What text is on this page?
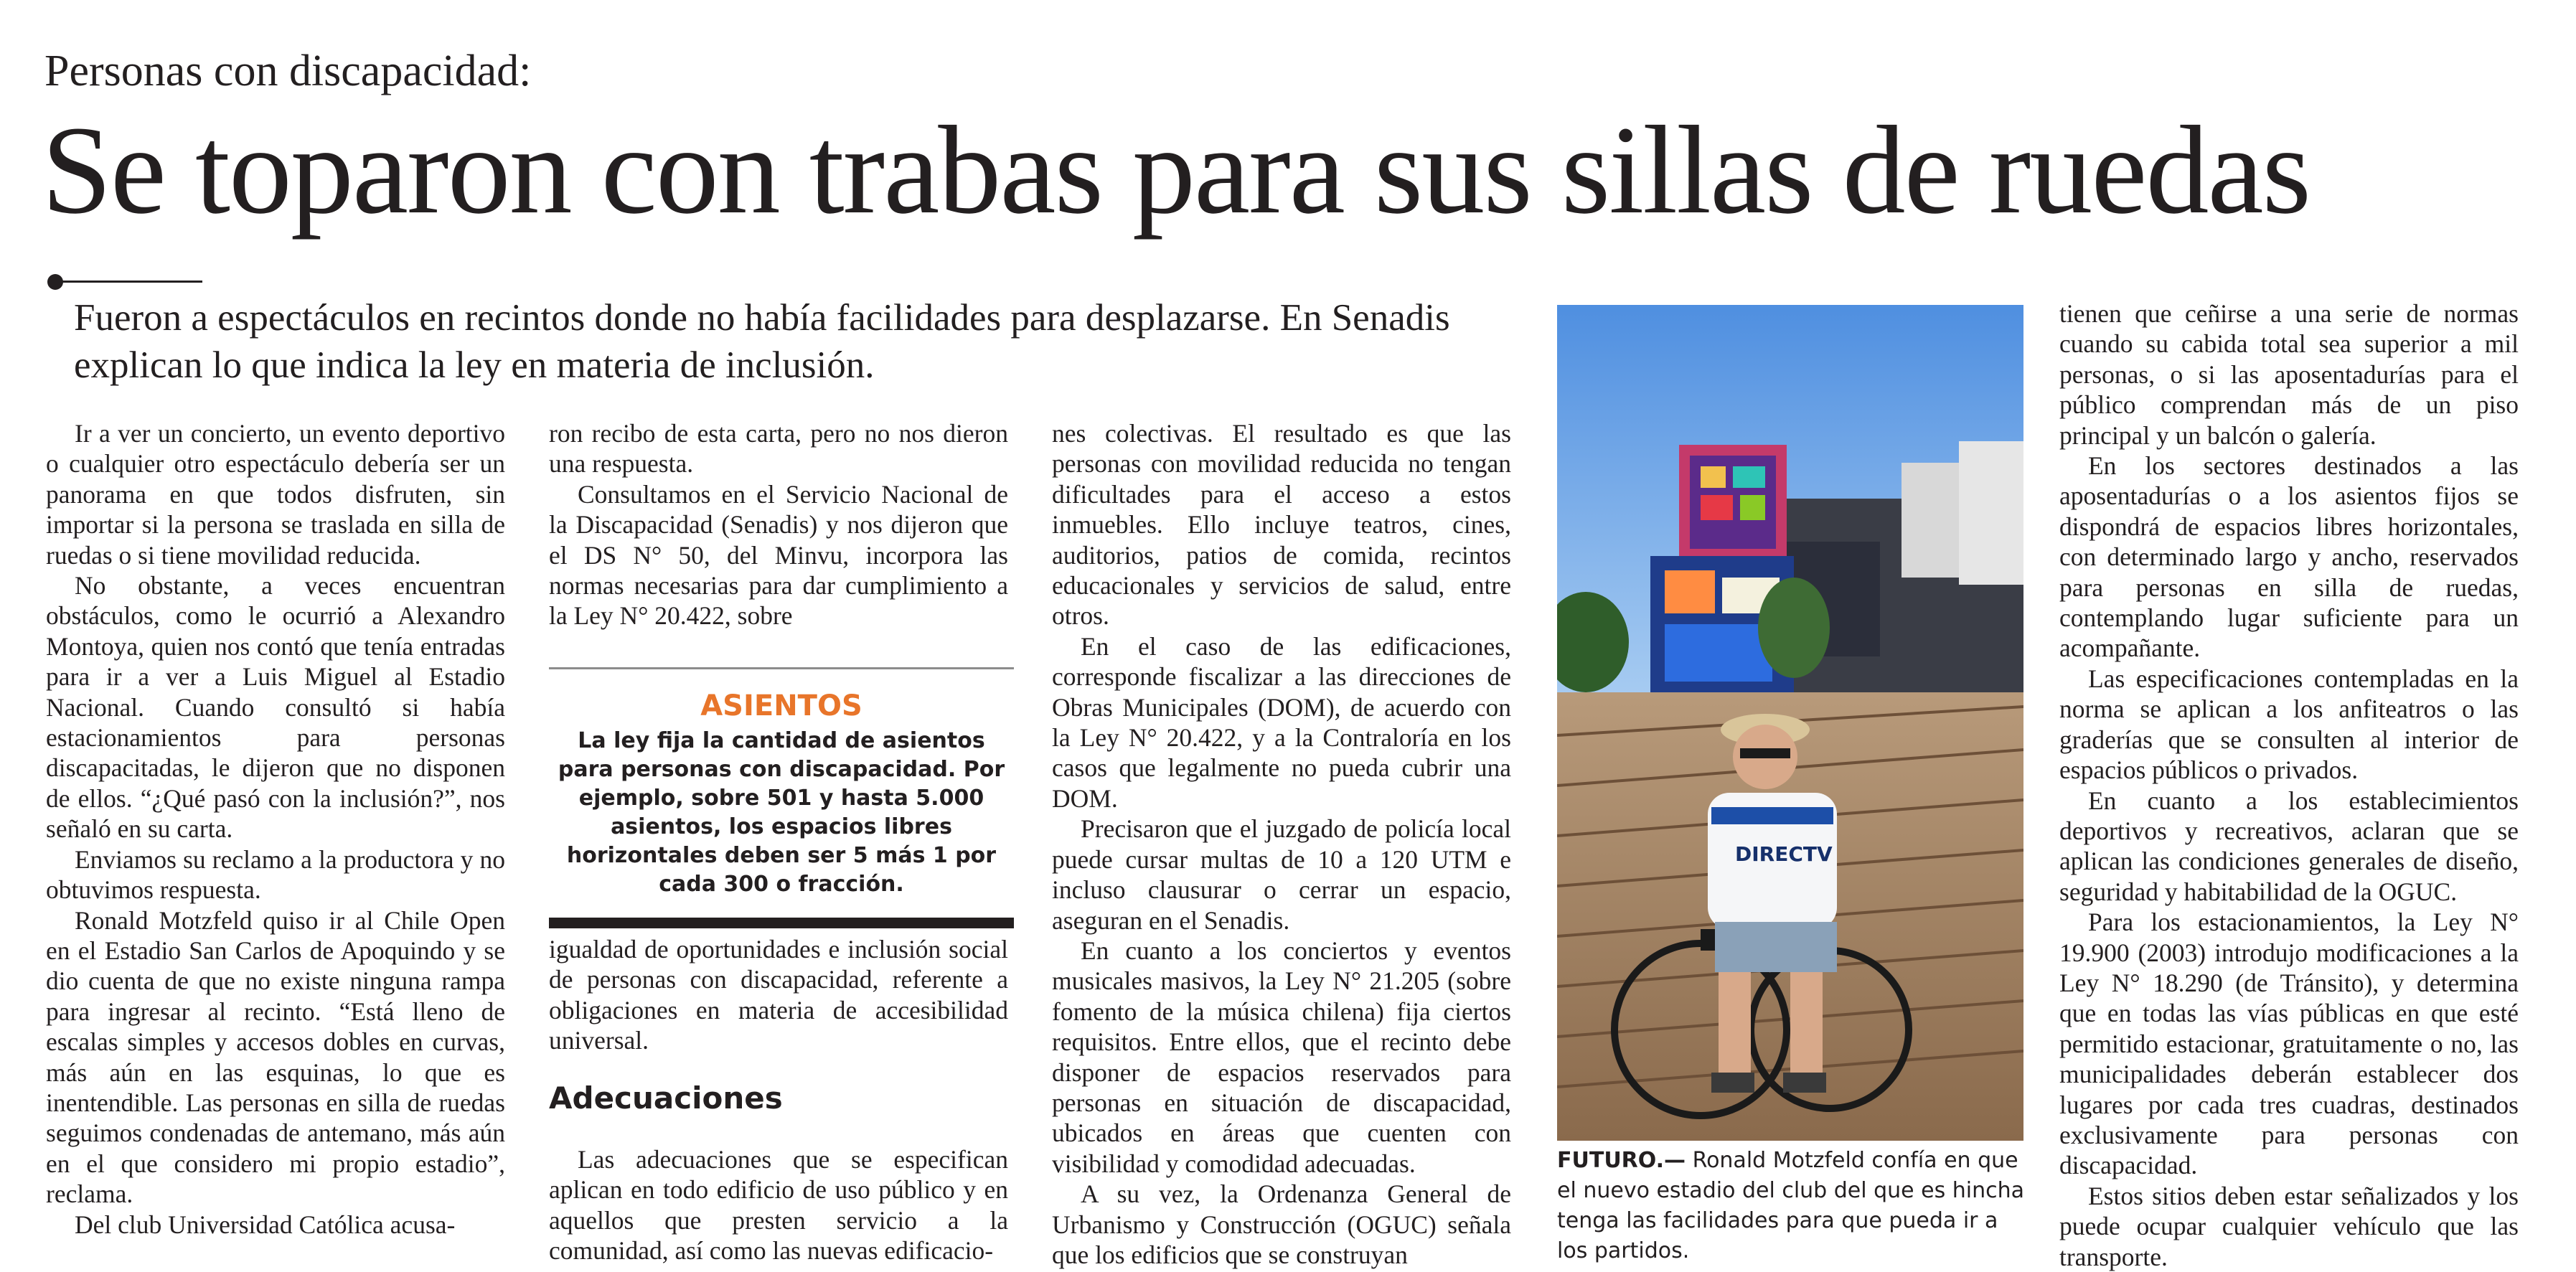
Personas con discapacidad:
Se toparon con trabas para sus sillas de ruedas
Fueron a espectáculos en recintos donde no había facilidades para desplazarse. En Senadis explican lo que indica la ley en materia de inclusión.

Ir a ver un concierto, un evento deportivo o cualquier otro espectáculo debería ser un panorama en que todos disfruten, sin importar si la persona se traslada en silla de ruedas o si tiene movilidad reducida.

No obstante, a veces encuentran obstáculos, como le ocurrió a Alexandro Montoya, quien nos contó que tenía entradas para ir a ver a Luis Miguel al Estadio Nacional. Cuando consultó si había estacionamientos para personas discapacitadas, le dijeron que no disponen de ellos. “¿Qué pasó con la inclusión?”, nos señaló en su carta.

Enviamos su reclamo a la productora y no obtuvimos respuesta.

Ronald Motzfeld quiso ir al Chile Open en el Estadio San Carlos de Apoquindo y se dio cuenta de que no existe ninguna rampa para ingresar al recinto. “Está lleno de escalas simples y accesos dobles en curvas, más aún en las esquinas, lo que es inentendible. Las personas en silla de ruedas seguimos condenadas de antemano, más aún en el que considero mi propio estadio”, reclama.

Del club Universidad Católica acusa-

ron recibo de esta carta, pero no nos dieron una respuesta.

Consultamos en el Servicio Nacional de la Discapacidad (Senadis) y nos dijeron que el DS N° 50, del Minvu, incorpora las normas necesarias para dar cumplimiento a la Ley N° 20.422, sobre

ASIENTOS
La ley fija la cantidad de asientos para personas con discapacidad. Por ejemplo, sobre 501 y hasta 5.000 asientos, los espacios libres horizontales deben ser 5 más 1 por cada 300 o fracción.

igualdad de oportunidades e inclusión social de personas con discapacidad, referente a obligaciones en materia de accesibilidad universal.

Adecuaciones

Las adecuaciones que se especifican aplican en todo edificio de uso público y en aquellos que presten servicio a la comunidad, así como las nuevas edificacio-

nes colectivas. El resultado es que las personas con movilidad reducida no tengan dificultades para el acceso a estos inmuebles. Ello incluye teatros, cines, auditorios, patios de comida, recintos educacionales y servicios de salud, entre otros.

En el caso de las edificaciones, corresponde fiscalizar a las direcciones de Obras Municipales (DOM), de acuerdo con la Ley N° 20.422, y a la Contraloría en los casos que legalmente no pueda cubrir una DOM.

Precisaron que el juzgado de policía local puede cursar multas de 10 a 120 UTM e incluso clausurar o cerrar un espacio, aseguran en el Senadis.

En cuanto a los conciertos y eventos musicales masivos, la Ley N° 21.205 (sobre fomento de la música chilena) fija ciertos requisitos. Entre ellos, que el recinto debe disponer de espacios reservados para personas en situación de discapacidad, ubicados en áreas que cuenten con visibilidad y comodidad adecuadas.

A su vez, la Ordenanza General de Urbanismo y Construcción (OGUC) señala que los edificios que se construyan

DIRECTV
FUTURO.— Ronald Motzfeld confía en que el nuevo estadio del club del que es hincha tenga las facilidades para que pueda ir a los partidos.

tienen que ceñirse a una serie de normas cuando su cabida total sea superior a mil personas, o si las aposentadurías para el público comprendan más de un piso principal y un balcón o galería.

En los sectores destinados a las aposentadurías o a los asientos fijos se dispondrá de espacios libres horizontales, con determinado largo y ancho, reservados para personas en silla de ruedas, contemplando lugar suficiente para un acompañante.

Las especificaciones contempladas en la norma se aplican a los anfiteatros o las graderías que se consulten al interior de espacios públicos o privados.

En cuanto a los establecimientos deportivos y recreativos, aclaran que se aplican las condiciones generales de diseño, seguridad y habitabilidad de la OGUC.

Para los estacionamientos, la Ley N° 19.900 (2003) introdujo modificaciones a la Ley N° 18.290 (de Tránsito), y determina que en todas las vías públicas en que esté permitido estacionar, gratuitamente o no, las municipalidades deberán establecer dos lugares por cada tres cuadras, destinados exclusivamente para personas con discapacidad.

Estos sitios deben estar señalizados y los puede ocupar cualquier vehículo que las transporte.
